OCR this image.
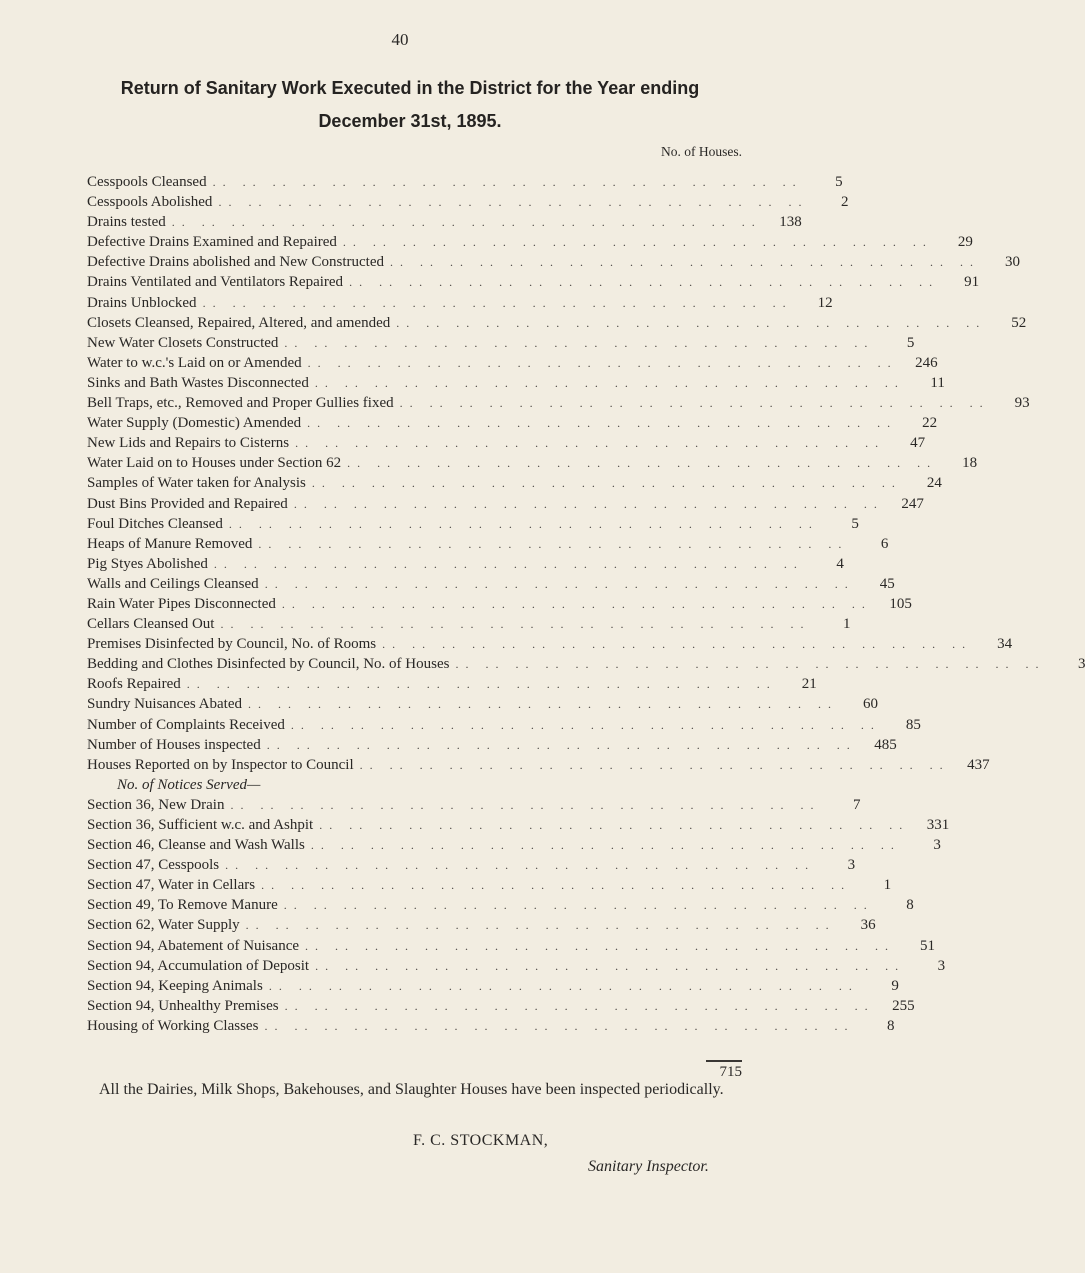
40
Return of Sanitary Work Executed in the District for the Year ending December 31st, 1895.
No. of Houses.
Cesspools Cleansed .. .. .. .. .. .. .. .. .. .. .. .. .. .. .. .. .. .. .. ..	5
Cesspools Abolished .. .. .. .. .. .. .. .. .. .. .. .. .. .. .. .. .. .. .. ..	2
Drains tested .. .. .. .. .. .. .. .. .. .. .. .. .. .. .. .. .. .. .. ..	138
Defective Drains Examined and Repaired .. .. .. .. .. .. .. .. .. .. .. .. .. .. .. .. .. .. .. ..	29
Defective Drains abolished and New Constructed .. .. .. .. .. .. .. .. .. .. .. .. .. .. .. .. .. .. .. ..	30
Drains Ventilated and Ventilators Repaired .. .. .. .. .. .. .. .. .. .. .. .. .. .. .. .. .. .. .. ..	91
Drains Unblocked .. .. .. .. .. .. .. .. .. .. .. .. .. .. .. .. .. .. .. ..	12
Closets Cleansed, Repaired, Altered, and amended .. .. .. .. .. .. .. .. .. .. .. .. .. .. .. .. .. .. .. ..	52
New Water Closets Constructed .. .. .. .. .. .. .. .. .. .. .. .. .. .. .. .. .. .. .. ..	5
Water to w.c.'s Laid on or Amended .. .. .. .. .. .. .. .. .. .. .. .. .. .. .. .. .. .. .. ..	246
Sinks and Bath Wastes Disconnected .. .. .. .. .. .. .. .. .. .. .. .. .. .. .. .. .. .. .. ..	11
Bell Traps, etc., Removed and Proper Gullies fixed .. .. .. .. .. .. .. .. .. .. .. .. .. .. .. .. .. .. .. ..	93
Water Supply (Domestic) Amended .. .. .. .. .. .. .. .. .. .. .. .. .. .. .. .. .. .. .. ..	22
New Lids and Repairs to Cisterns .. .. .. .. .. .. .. .. .. .. .. .. .. .. .. .. .. .. .. ..	47
Water Laid on to Houses under Section 62 .. .. .. .. .. .. .. .. .. .. .. .. .. .. .. .. .. .. .. ..	18
Samples of Water taken for Analysis .. .. .. .. .. .. .. .. .. .. .. .. .. .. .. .. .. .. .. ..	24
Dust Bins Provided and Repaired .. .. .. .. .. .. .. .. .. .. .. .. .. .. .. .. .. .. .. ..	247
Foul Ditches Cleansed .. .. .. .. .. .. .. .. .. .. .. .. .. .. .. .. .. .. .. ..	5
Heaps of Manure Removed .. .. .. .. .. .. .. .. .. .. .. .. .. .. .. .. .. .. .. ..	6
Pig Styes Abolished .. .. .. .. .. .. .. .. .. .. .. .. .. .. .. .. .. .. .. ..	4
Walls and Ceilings Cleansed .. .. .. .. .. .. .. .. .. .. .. .. .. .. .. .. .. .. .. ..	45
Rain Water Pipes Disconnected .. .. .. .. .. .. .. .. .. .. .. .. .. .. .. .. .. .. .. ..	105
Cellars Cleansed Out .. .. .. .. .. .. .. .. .. .. .. .. .. .. .. .. .. .. .. ..	1
Premises Disinfected by Council, No. of Rooms .. .. .. .. .. .. .. .. .. .. .. .. .. .. .. .. .. .. .. ..	34
Bedding and Clothes Disinfected by Council, No. of Houses .. .. .. .. .. .. .. .. .. .. .. .. .. .. .. .. .. .. .. ..	3
Roofs Repaired .. .. .. .. .. .. .. .. .. .. .. .. .. .. .. .. .. .. .. ..	21
Sundry Nuisances Abated .. .. .. .. .. .. .. .. .. .. .. .. .. .. .. .. .. .. .. ..	60
Number of Complaints Received .. .. .. .. .. .. .. .. .. .. .. .. .. .. .. .. .. .. .. ..	85
Number of Houses inspected .. .. .. .. .. .. .. .. .. .. .. .. .. .. .. .. .. .. .. ..	485
Houses Reported on by Inspector to Council .. .. .. .. .. .. .. .. .. .. .. .. .. .. .. .. .. .. .. ..	437
No. of Notices Served—
Section 36, New Drain .. .. .. .. .. .. .. .. .. .. .. .. .. .. .. .. .. .. .. ..	7
Section 36, Sufficient w.c. and Ashpit .. .. .. .. .. .. .. .. .. .. .. .. .. .. .. .. .. .. .. ..	331
Section 46, Cleanse and Wash Walls .. .. .. .. .. .. .. .. .. .. .. .. .. .. .. .. .. .. .. ..	3
Section 47, Cesspools .. .. .. .. .. .. .. .. .. .. .. .. .. .. .. .. .. .. .. ..	3
Section 47, Water in Cellars .. .. .. .. .. .. .. .. .. .. .. .. .. .. .. .. .. .. .. ..	1
Section 49, To Remove Manure .. .. .. .. .. .. .. .. .. .. .. .. .. .. .. .. .. .. .. ..	8
Section 62, Water Supply .. .. .. .. .. .. .. .. .. .. .. .. .. .. .. .. .. .. .. ..	36
Section 94, Abatement of Nuisance .. .. .. .. .. .. .. .. .. .. .. .. .. .. .. .. .. .. .. ..	51
Section 94, Accumulation of Deposit .. .. .. .. .. .. .. .. .. .. .. .. .. .. .. .. .. .. .. ..	3
Section 94, Keeping Animals .. .. .. .. .. .. .. .. .. .. .. .. .. .. .. .. .. .. .. ..	9
Section 94, Unhealthy Premises .. .. .. .. .. .. .. .. .. .. .. .. .. .. .. .. .. .. .. ..	255
Housing of Working Classes .. .. .. .. .. .. .. .. .. .. .. .. .. .. .. .. .. .. .. ..	8
715
All the Dairies, Milk Shops, Bakehouses, and Slaughter Houses have been inspected periodically.
F. C. STOCKMAN,
Sanitary Inspector.
